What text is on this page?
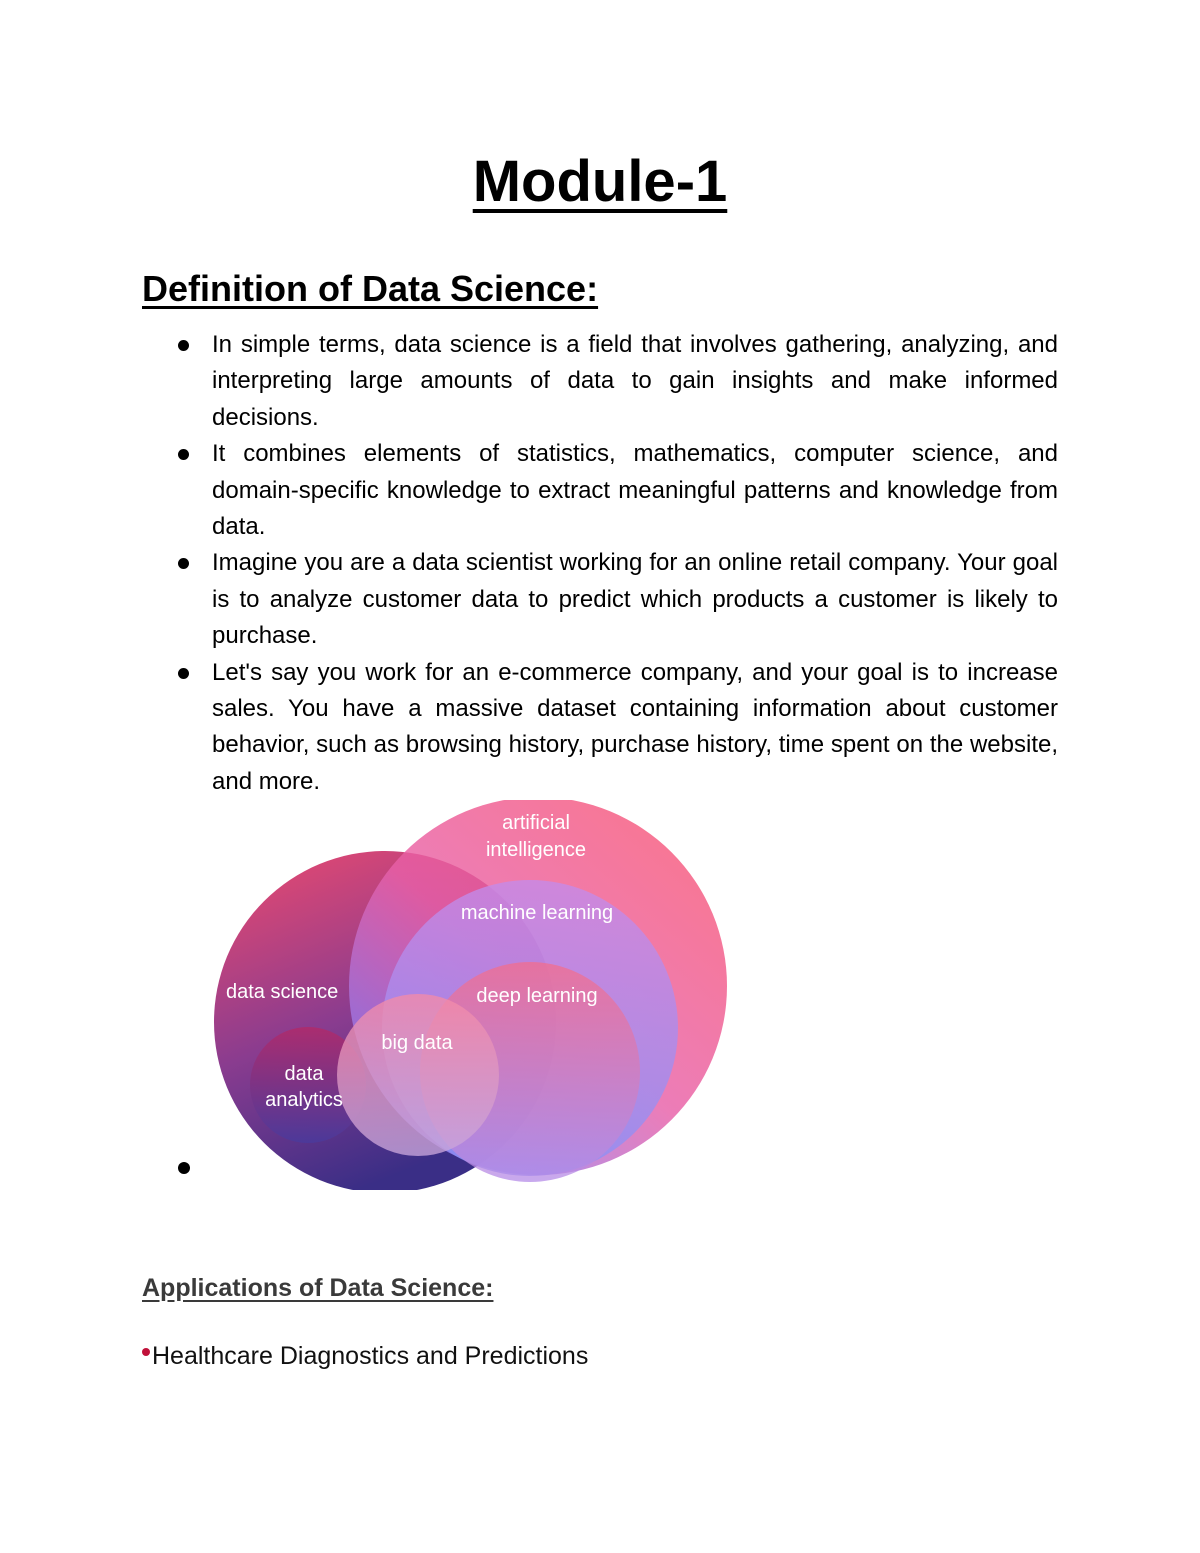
Module-1
Definition of Data Science:
In simple terms, data science is a field that involves gathering, analyzing, and interpreting large amounts of data to gain insights and make informed decisions.
It combines elements of statistics, mathematics, computer science, and domain-specific knowledge to extract meaningful patterns and knowledge from data.
Imagine you are a data scientist working for an online retail company. Your goal is to analyze customer data to predict which products a customer is likely to purchase.
Let's say you work for an e-commerce company, and your goal is to increase sales. You have a massive dataset containing information about customer behavior, such as browsing history, purchase history, time spent on the website, and more.
artificial
intelligence
machine learning
deep learning
data science
big data
data
analytics
Applications of Data Science:
Healthcare Diagnostics and Predictions
